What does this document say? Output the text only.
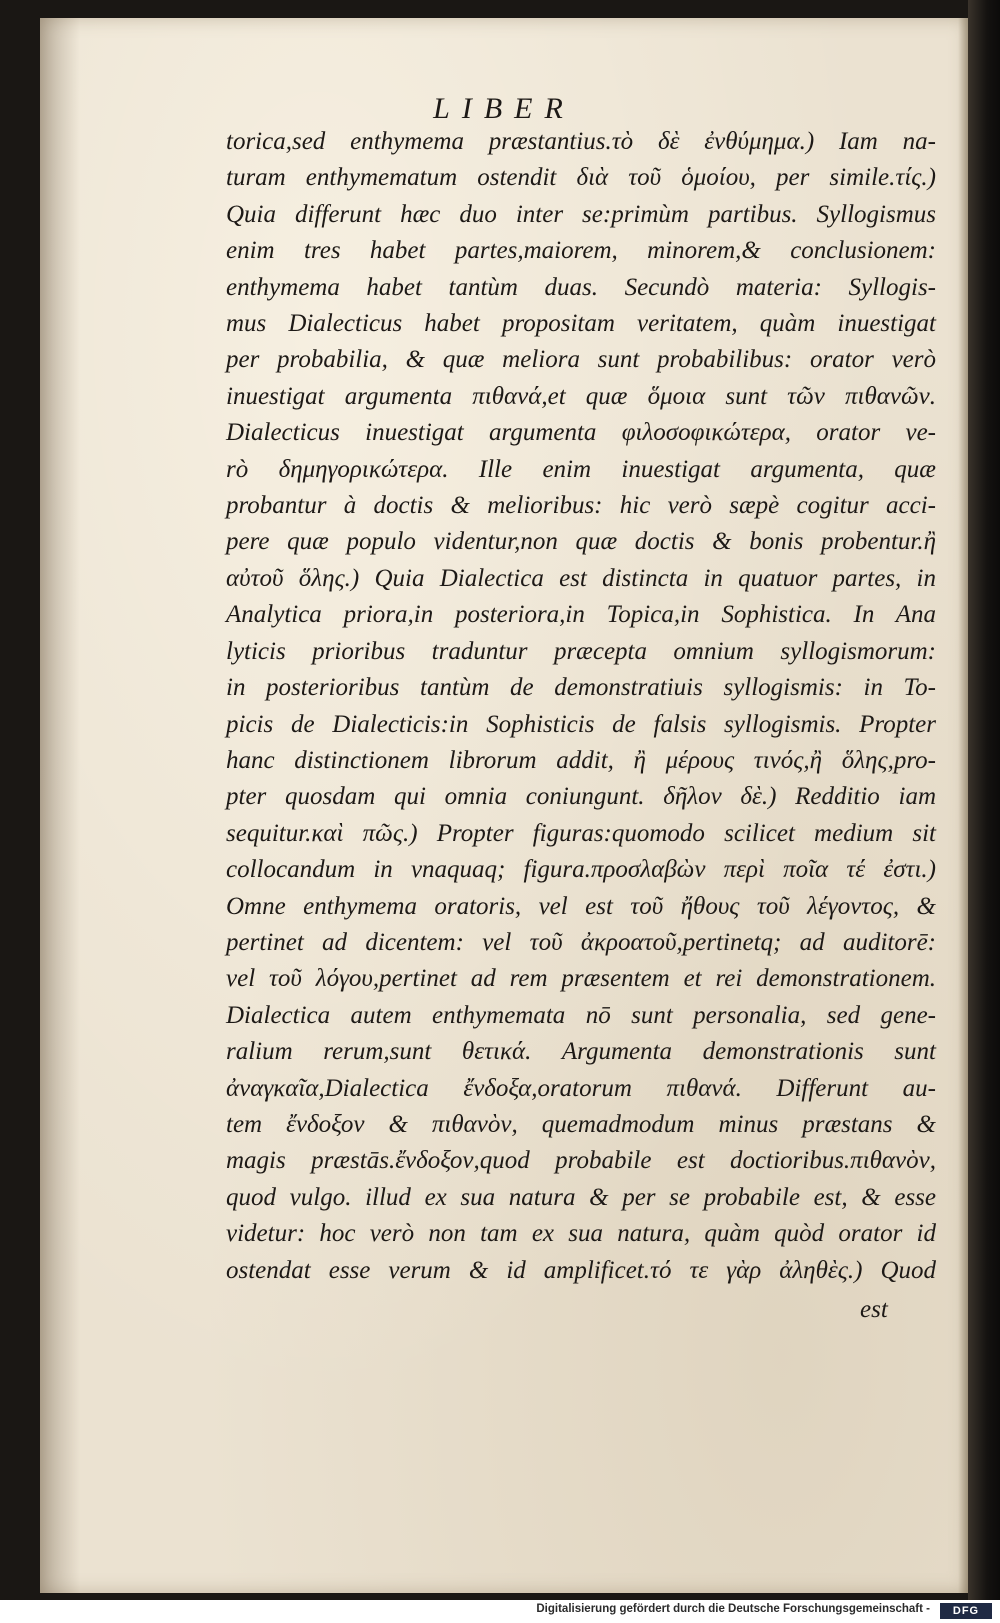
LIBER
torica,sed enthymema præstantius.τὸ δὲ ἐνθύμημα.) Iam na-
turam enthymematum ostendit διὰ τοῦ ὁμοίου, per simile.τίς.)
Quia differunt hæc duo inter se:primùm partibus. Syllogismus
enim tres habet partes,maiorem, minorem,& conclusionem:
enthymema habet tantùm duas. Secundò materia: Syllogis-
mus Dialecticus habet propositam veritatem, quàm inuestigat
per probabilia, & quæ meliora sunt probabilibus: orator verò
inuestigat argumenta πιθανά,et quæ ὅμοια sunt τῶν πιθανῶν.
Dialecticus inuestigat argumenta φιλοσοφικώτερα, orator ve-
rò δημηγορικώτερα. Ille enim inuestigat argumenta, quæ
probantur à doctis & melioribus: hic verò sæpè cogitur acci-
pere quæ populo videntur,non quæ doctis & bonis probentur.ἢ
αὐτοῦ ὅλης.) Quia Dialectica est distincta in quatuor partes, in
Analytica priora,in posteriora,in Topica,in Sophistica. In Ana
lyticis prioribus traduntur præcepta omnium syllogismorum:
in posterioribus tantùm de demonstratiuis syllogismis: in To-
picis de Dialecticis:in Sophisticis de falsis syllogismis. Propter
hanc distinctionem librorum addit, ἢ μέρους τινός,ἢ ὅλης,pro-
pter quosdam qui omnia coniungunt. δῆλον δὲ.) Redditio iam
sequitur.καὶ πῶς.) Propter figuras:quomodo scilicet medium sit
collocandum in vnaquaq; figura.προσλαβὼν περὶ ποῖα τέ ἐστι.)
Omne enthymema oratoris, vel est τοῦ ἤθους τοῦ λέγοντος, &
pertinet ad dicentem: vel τοῦ ἀκροατοῦ,pertinetq; ad auditorē:
vel τοῦ λόγου,pertinet ad rem præsentem et rei demonstrationem.
Dialectica autem enthymemata nō sunt personalia, sed gene-
ralium rerum,sunt θετικά. Argumenta demonstrationis sunt
ἀναγκαῖα,Dialectica ἔνδοξα,oratorum πιθανά. Differunt au-
tem ἔνδοξον & πιθανὸν, quemadmodum minus præstans &
magis præstās.ἔνδοξον,quod probabile est doctioribus.πιθανὸν,
quod vulgo. illud ex sua natura & per se probabile est, & esse
videtur: hoc verò non tam ex sua natura, quàm quòd orator id
ostendat esse verum & id amplificet.τό τε γὰρ ἀληθὲς.) Quod
est
Digitalisierung gefördert durch die Deutsche Forschungsgemeinschaft -	DFG
